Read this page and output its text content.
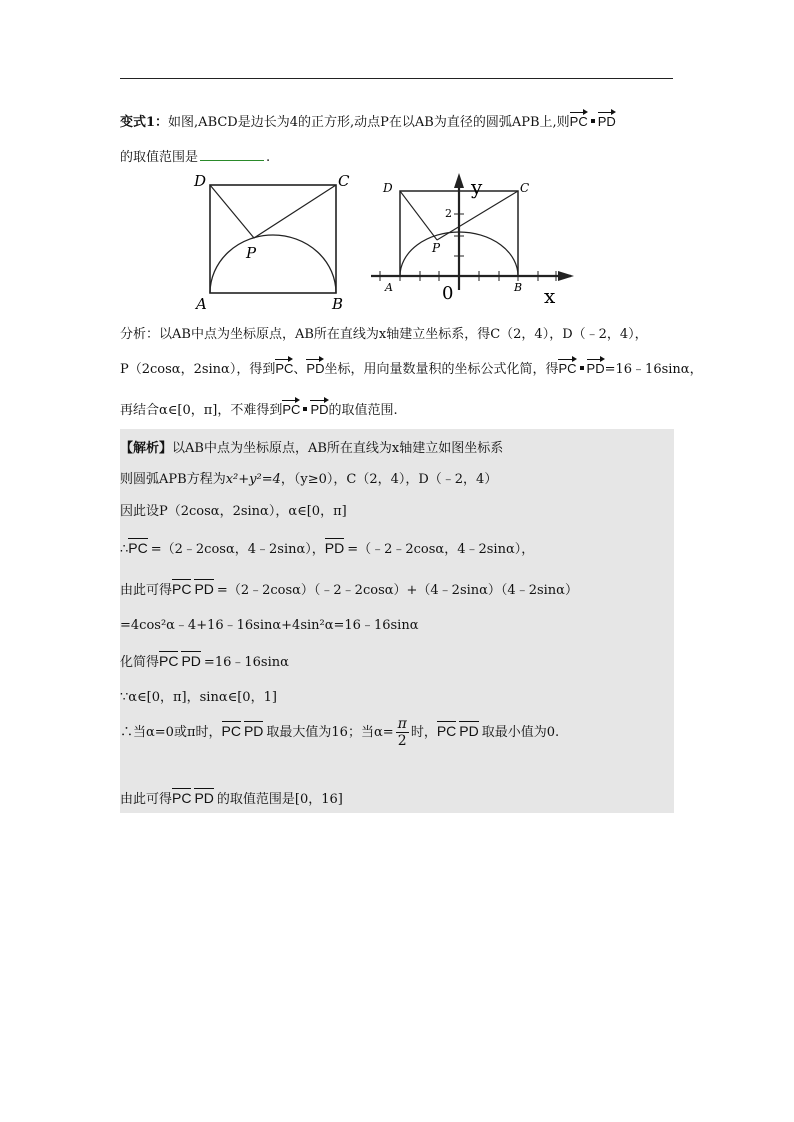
变式1：如图,ABCD是边长为4的正方形,动点P在以AB为直径的圆弧APB上,则PC PD
的取值范围是	.
D	C
P
A	B
D	C
P
A	B
y
x
2
0
分析：以AB中点为坐标原点，AB所在直线为x轴建立坐标系，得C（2，4），D（﹣2，4），
P（2cosα，2sinα），得到PC、PD坐标，用向量数量积的坐标公式化简，得PC PD=16﹣16sinα，
再结合α∈[0，π]，不难得到PC PD的取值范围.
【解析】以AB中点为坐标原点，AB所在直线为x轴建立如图坐标系
则圆弧APB方程为x²+y²=4，（y≥0），C（2，4），D（﹣2，4）
因此设P（2cosα，2sinα），α∈[0，π]
∴PC =（2﹣2cosα，4﹣2sinα），PD =（﹣2﹣2cosα，4﹣2sinα），
由此可得PC PD =（2﹣2cosα）（﹣2﹣2cosα）+（4﹣2sinα）（4﹣2sinα）
=4cos²α﹣4+16﹣16sinα+4sin²α=16﹣16sinα
化简得PC PD =16﹣16sinα
∵α∈[0，π]，sinα∈[0，1]
∴当α=0或π时，PC PD 取最大值为16；当$\alpha= \frac{\pi}{2}$ 时，PC PD 取最小值为0.
由此可得PC PD 的取值范围是[0，16]
